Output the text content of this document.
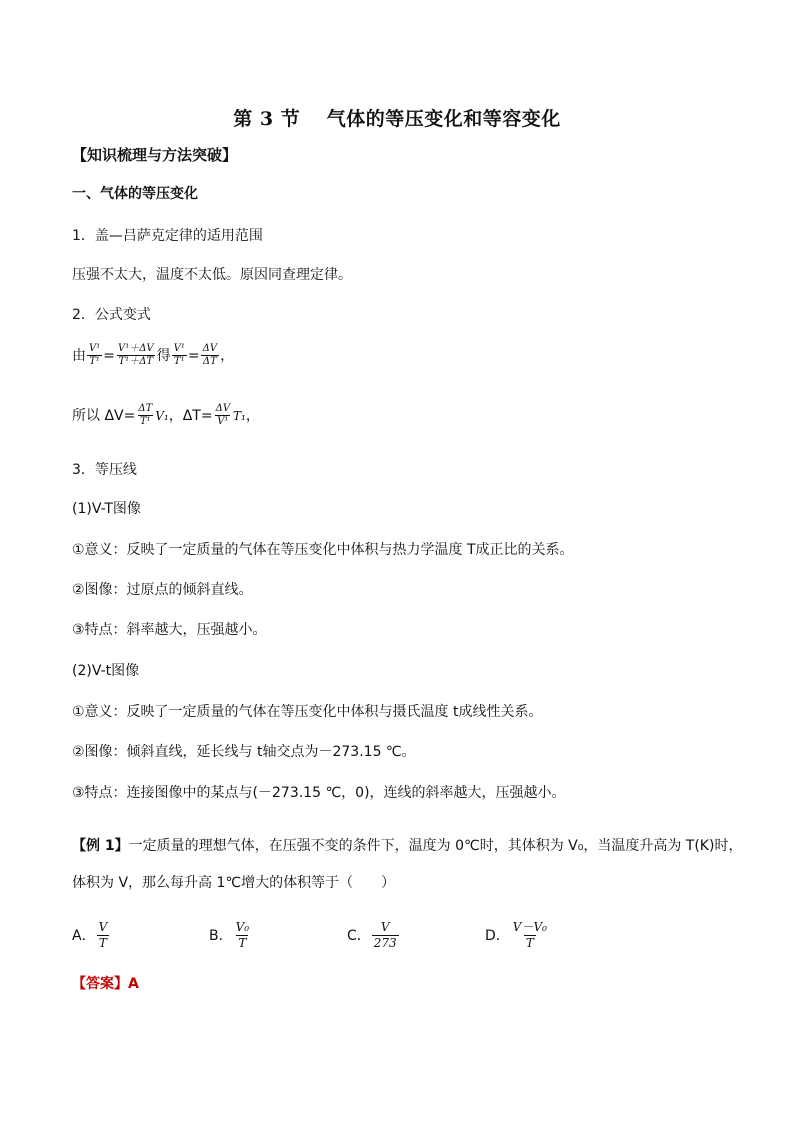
第 3 节　 气体的等压变化和等容变化
【知识梳理与方法突破】
一、气体的等压变化
1．盖—吕萨克定律的适用范围
压强不太大，温度不太低。原因同查理定律。
2．公式变式
由 $\frac{\text{V¹}}{\text{T¹}} = \frac{\text{V¹＋ΔV}}{\text{T¹＋ΔT}}$ 得 $\frac{\text{V¹}}{\text{T¹}} = \frac{\Delta V}{\Delta T}$ ，
所以 $\Delta V= \frac{\Delta T}{\text{T¹}} V_1$ ，$\Delta T= \frac{\Delta V}{\text{V¹}} T_1$ ，
3．等压线
(1)V-T图像
①意义：反映了一定质量的气体在等压变化中体积与热力学温度 T成正比的关系。
②图像：过原点的倾斜直线。
③特点：斜率越大，压强越小。
(2)V-t图像
①意义：反映了一定质量的气体在等压变化中体积与摄氏温度 t成线性关系。
②图像：倾斜直线，延长线与 t轴交点为－273.15 ℃。
③特点：连接图像中的某点与(－273.15 ℃，0)，连线的斜率越大，压强越小。
【例 1】一定质量的理想气体，在压强不变的条件下，温度为 0℃时，其体积为 V₀，当温度升高为 T(K)时，
体积为 V，那么每升高 1℃增大的体积等于（　　）
A． $\frac{V}{T}$	B． $\frac{\text{V₀}}{T}$	C． $\frac{V}{273}$	D． $\frac{\text{V－V₀}}{T}$
【答案】A
